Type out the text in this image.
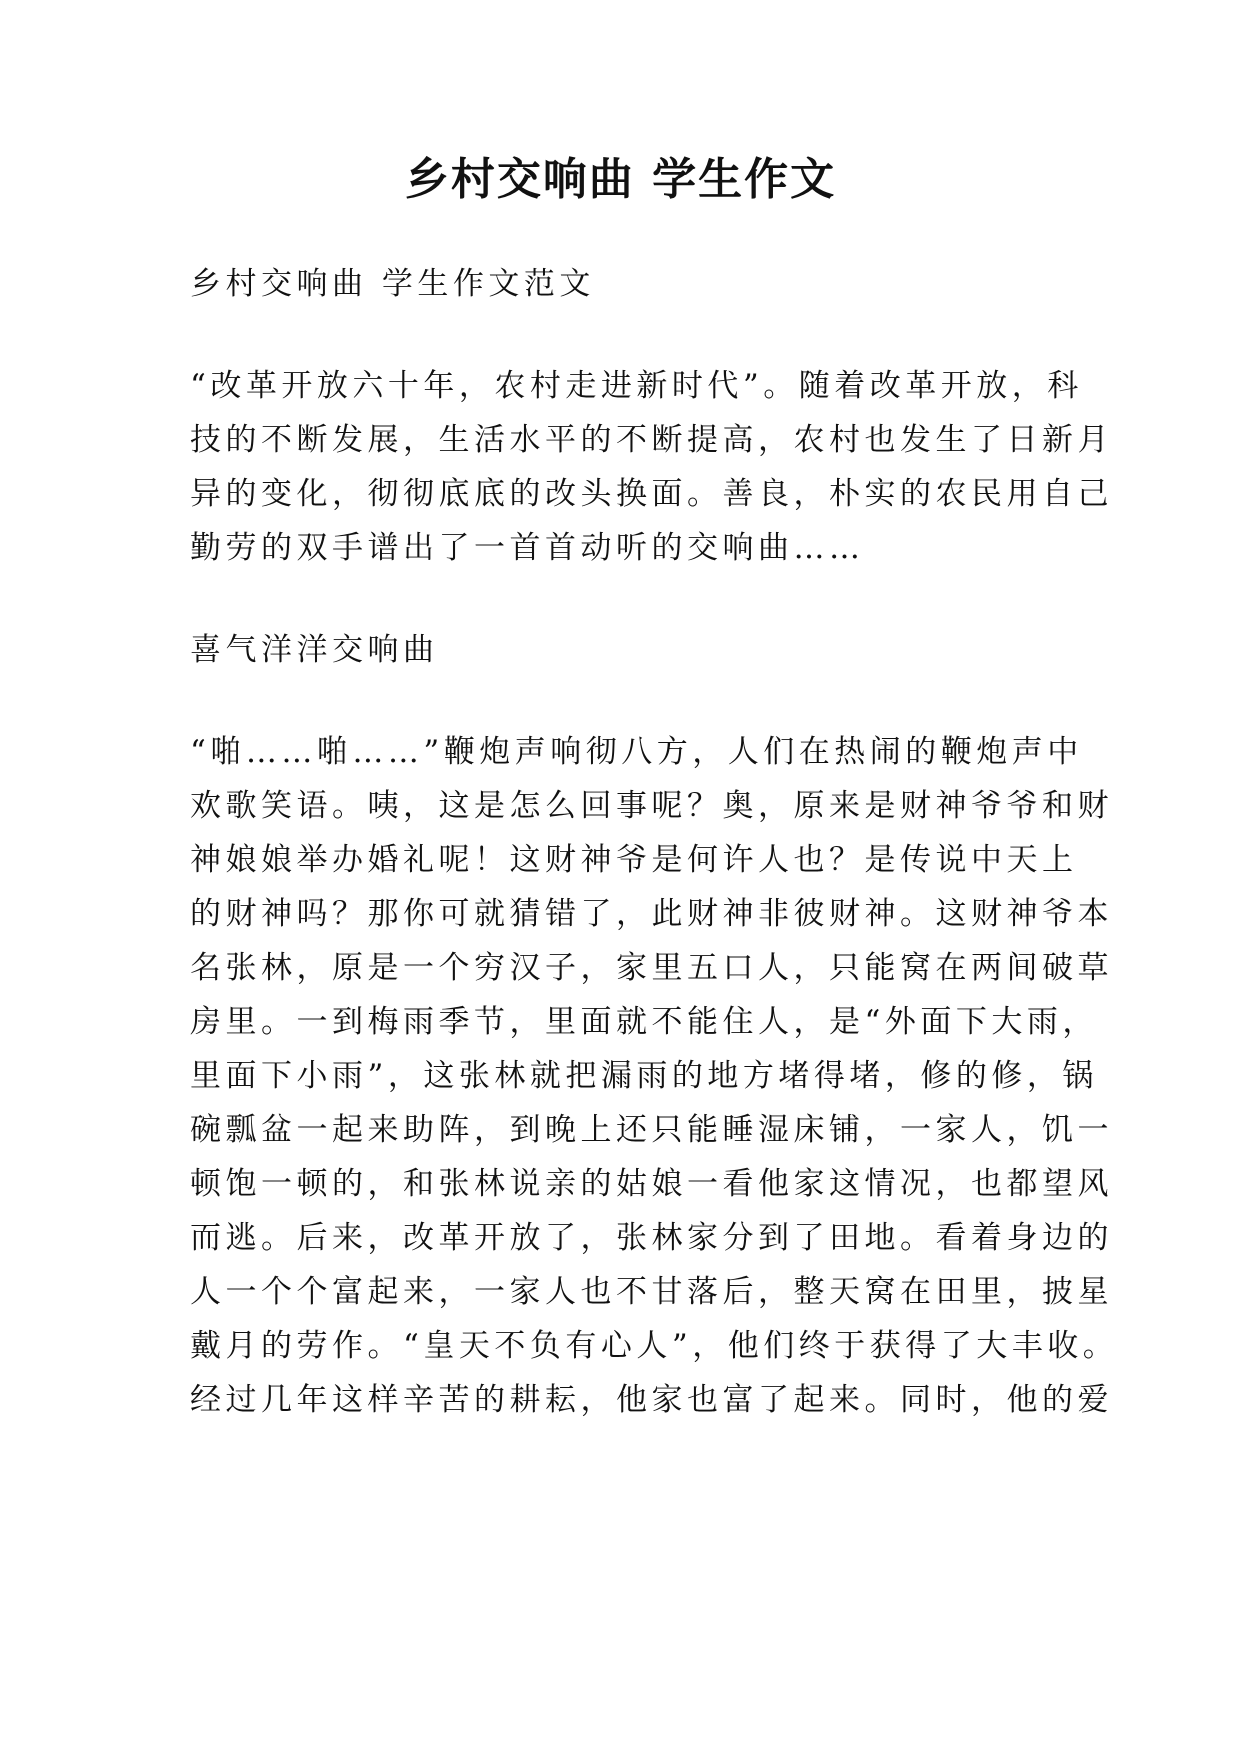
乡村交响曲 学生作文

乡村交响曲 学生作文范文

“改革开放六十年，农村走进新时代”。随着改革开放，科

技的不断发展，生活水平的不断提高，农村也发生了日新月

异的变化，彻彻底底的改头换面。善良，朴实的农民用自己

勤劳的双手谱出了一首首动听的交响曲……

喜气洋洋交响曲

“啪……啪……”鞭炮声响彻八方，人们在热闹的鞭炮声中

欢歌笑语。咦，这是怎么回事呢？奥，原来是财神爷爷和财

神娘娘举办婚礼呢！这财神爷是何许人也？是传说中天上

的财神吗？那你可就猜错了，此财神非彼财神。这财神爷本

名张林，原是一个穷汉子，家里五口人，只能窝在两间破草

房里。一到梅雨季节，里面就不能住人，是“外面下大雨，

里面下小雨”，这张林就把漏雨的地方堵得堵，修的修，锅

碗瓢盆一起来助阵，到晚上还只能睡湿床铺，一家人，饥一

顿饱一顿的，和张林说亲的姑娘一看他家这情况，也都望风

而逃。后来，改革开放了，张林家分到了田地。看着身边的

人一个个富起来，一家人也不甘落后，整天窝在田里，披星

戴月的劳作。“皇天不负有心人”，他们终于获得了大丰收。

经过几年这样辛苦的耕耘，他家也富了起来。同时，他的爱
